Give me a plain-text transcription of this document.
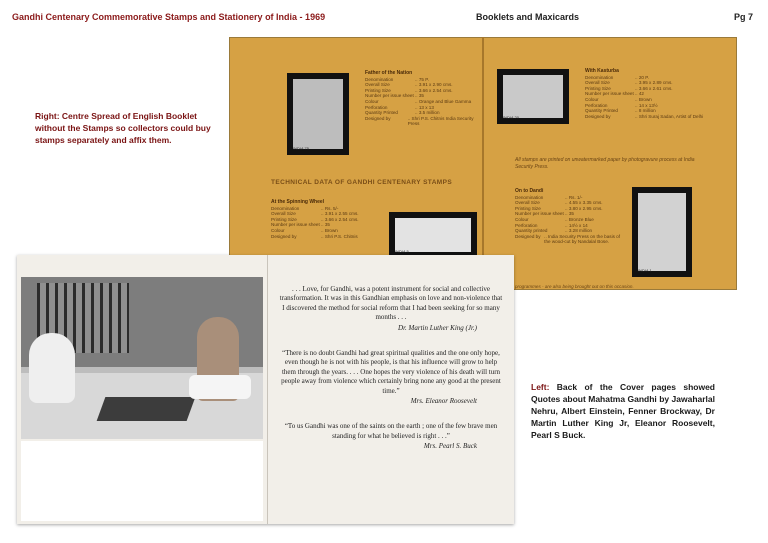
Gandhi Centenary Commemorative Stamps and Stationery of India - 1969	Booklets and Maxicards	Pg 7
Right: Centre Spread of English Booklet without the Stamps so collectors could buy stamps separately and affix them.
INDIA 75
INDIA 20
INDIA 5
INDIA 1
Father of the Nation
Denomination	.. 75 P.
Overall Size	.. 3.91 x 2.90 cms.
Printing Size	.. 3.66 x 2.54 cms.
Number per issue sheet .. 35
Colour	.. Orange and Blue Gamma
Perforation	.. 13 x 13
Quantity Printed	.. 3.5 million
Designed by	.. Shri P.S. Chitnis India Security Press
With Kasturba
Denomination	.. 20 P.
Overall Size	.. 3.95 x 2.89 cms.
Printing Size	.. 3.66 x 2.61 cms.
Number per issue sheet .. 42
Colour	.. Brown
Perforation	.. 14 x 13½
Quantity Printed	.. 8 million
Designed by	.. Shri Suraj Sadan, Artist of Delhi
TECHNICAL DATA OF GANDHI CENTENARY STAMPS
At the Spinning Wheel
Denomination	.. Rs. 5/-
Overall Size	.. 3.91 x 2.55 cms.
Printing Size	.. 3.66 x 2.54 cms.
Number per issue sheet .. 35
Colour	.. Brown
Designed by	.. Shri P.S. Chitnis
All stamps are printed on unwatermarked paper by photogravure process at India Security Press.
On to Dandi
Denomination	.. Rs. 1/-
Overall Size	.. 4.55 x 3.35 cms.
Printing Size	.. 3.80 x 2.95 cms.
Number per issue sheet .. 35
Colour	.. Bronze Blue
Perforation	.. 14½ x 14
Quantity printed	.. 3.28 million
Designed by .. India Security Press on the basis of the wood-cut by Nandalal Bose.
programmes - are also being brought out on this occasion.
. . . Love, for Gandhi, was a potent instrument for social and collective transformation. It was in this Gandhian emphasis on love and non-violence that I discovered the method for social reform that I had been seeking for so many months . . .
Dr. Martin Luther King (Jr.)
“There is no doubt Gandhi had great spiritual qualities and the one only hope, even though he is not with his people, is that his influence will grow to help them through the years. . . . One hopes the very violence of his death will turn people away from violence which certainly bring none any good at the present time.”
Mrs. Eleanor Roosevelt
“To us Gandhi was one of the saints on the earth ; one of the few brave men standing for what he believed is right . . .”
Mrs. Pearl S. Buck
Left: Back of the Cover pages showed Quotes about Mahatma Gandhi by Jawaharlal Nehru, Albert Einstein, Fenner Brockway, Dr Martin Luther King Jr, Eleanor Roosevelt, Pearl S Buck.
